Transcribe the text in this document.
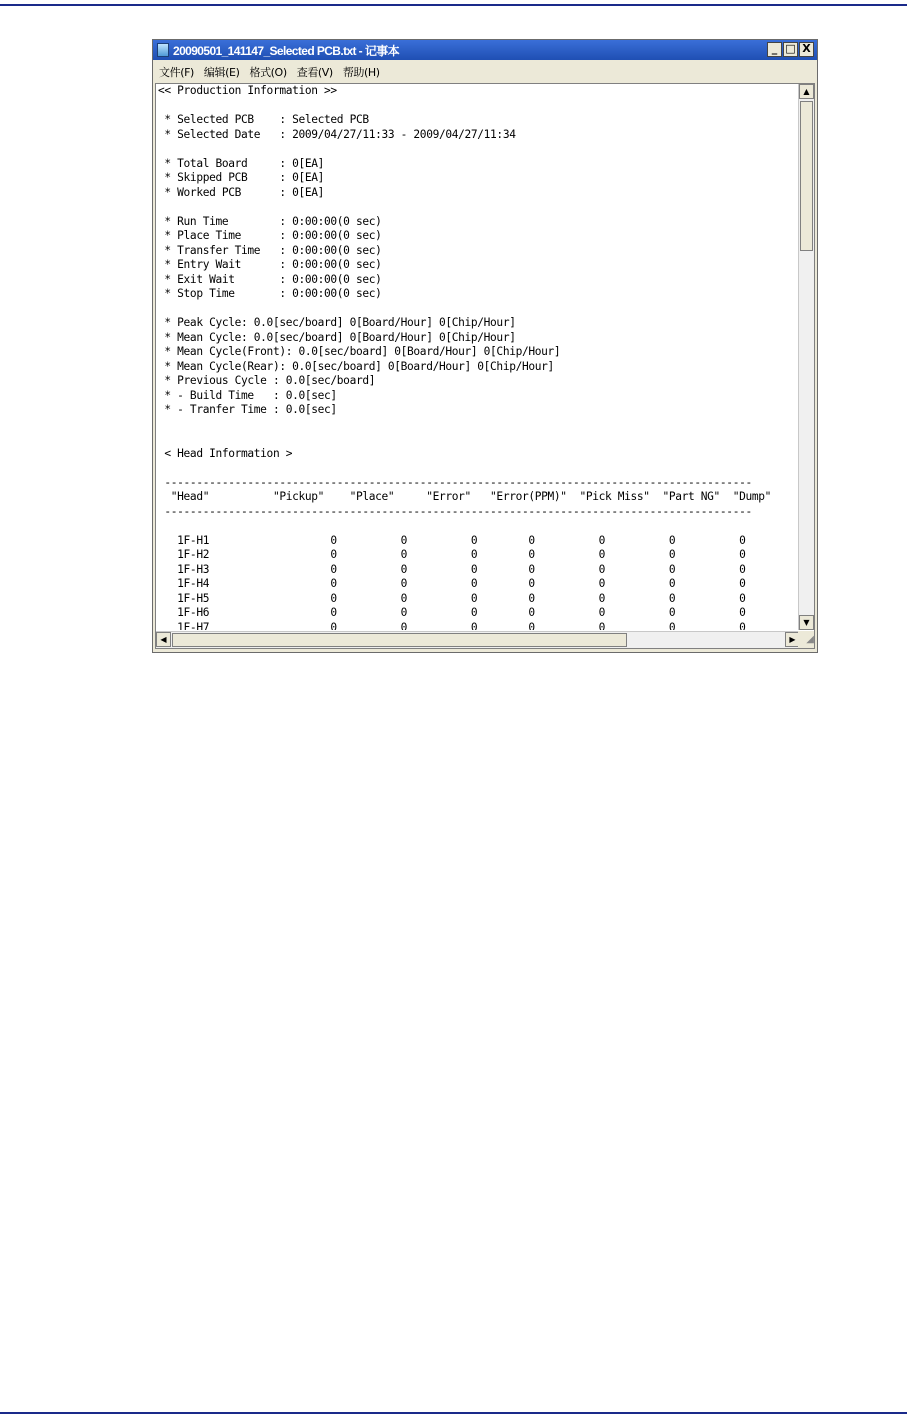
20090501_141147_Selected PCB.txt - 记事本	_ □ X
文件(F) 编辑(E) 格式(O) 查看(V) 帮助(H)
<< Production Information >>
* Selected PCB    : Selected PCB
* Selected Date   : 2009/04/27/11:33 - 2009/04/27/11:34
* Total Board     : 0[EA]
* Skipped PCB     : 0[EA]
* Worked PCB      : 0[EA]
* Run Time        : 0:00:00(0 sec)
* Place Time      : 0:00:00(0 sec)
* Transfer Time   : 0:00:00(0 sec)
* Entry Wait      : 0:00:00(0 sec)
* Exit Wait       : 0:00:00(0 sec)
* Stop Time       : 0:00:00(0 sec)
* Peak Cycle: 0.0[sec/board] 0[Board/Hour] 0[Chip/Hour]
* Mean Cycle: 0.0[sec/board] 0[Board/Hour] 0[Chip/Hour]
* Mean Cycle(Front): 0.0[sec/board] 0[Board/Hour] 0[Chip/Hour]
* Mean Cycle(Rear): 0.0[sec/board] 0[Board/Hour] 0[Chip/Hour]
* Previous Cycle : 0.0[sec/board]
* - Build Time   : 0.0[sec]
* - Tranfer Time : 0.0[sec]
< Head Information >
--------------------------------------------------------------------------------------------
"Head"          "Pickup"    "Place"     "Error"   "Error(PPM)"  "Pick Miss"  "Part NG"  "Dump"
--------------------------------------------------------------------------------------------
1F-H1                   0          0          0        0          0          0          0
1F-H2                   0          0          0        0          0          0          0
1F-H3                   0          0          0        0          0          0          0
1F-H4                   0          0          0        0          0          0          0
1F-H5                   0          0          0        0          0          0          0
1F-H6                   0          0          0        0          0          0          0
1F-H7                   0          0          0        0          0          0          0
▲
▼
◀	▶	◢
